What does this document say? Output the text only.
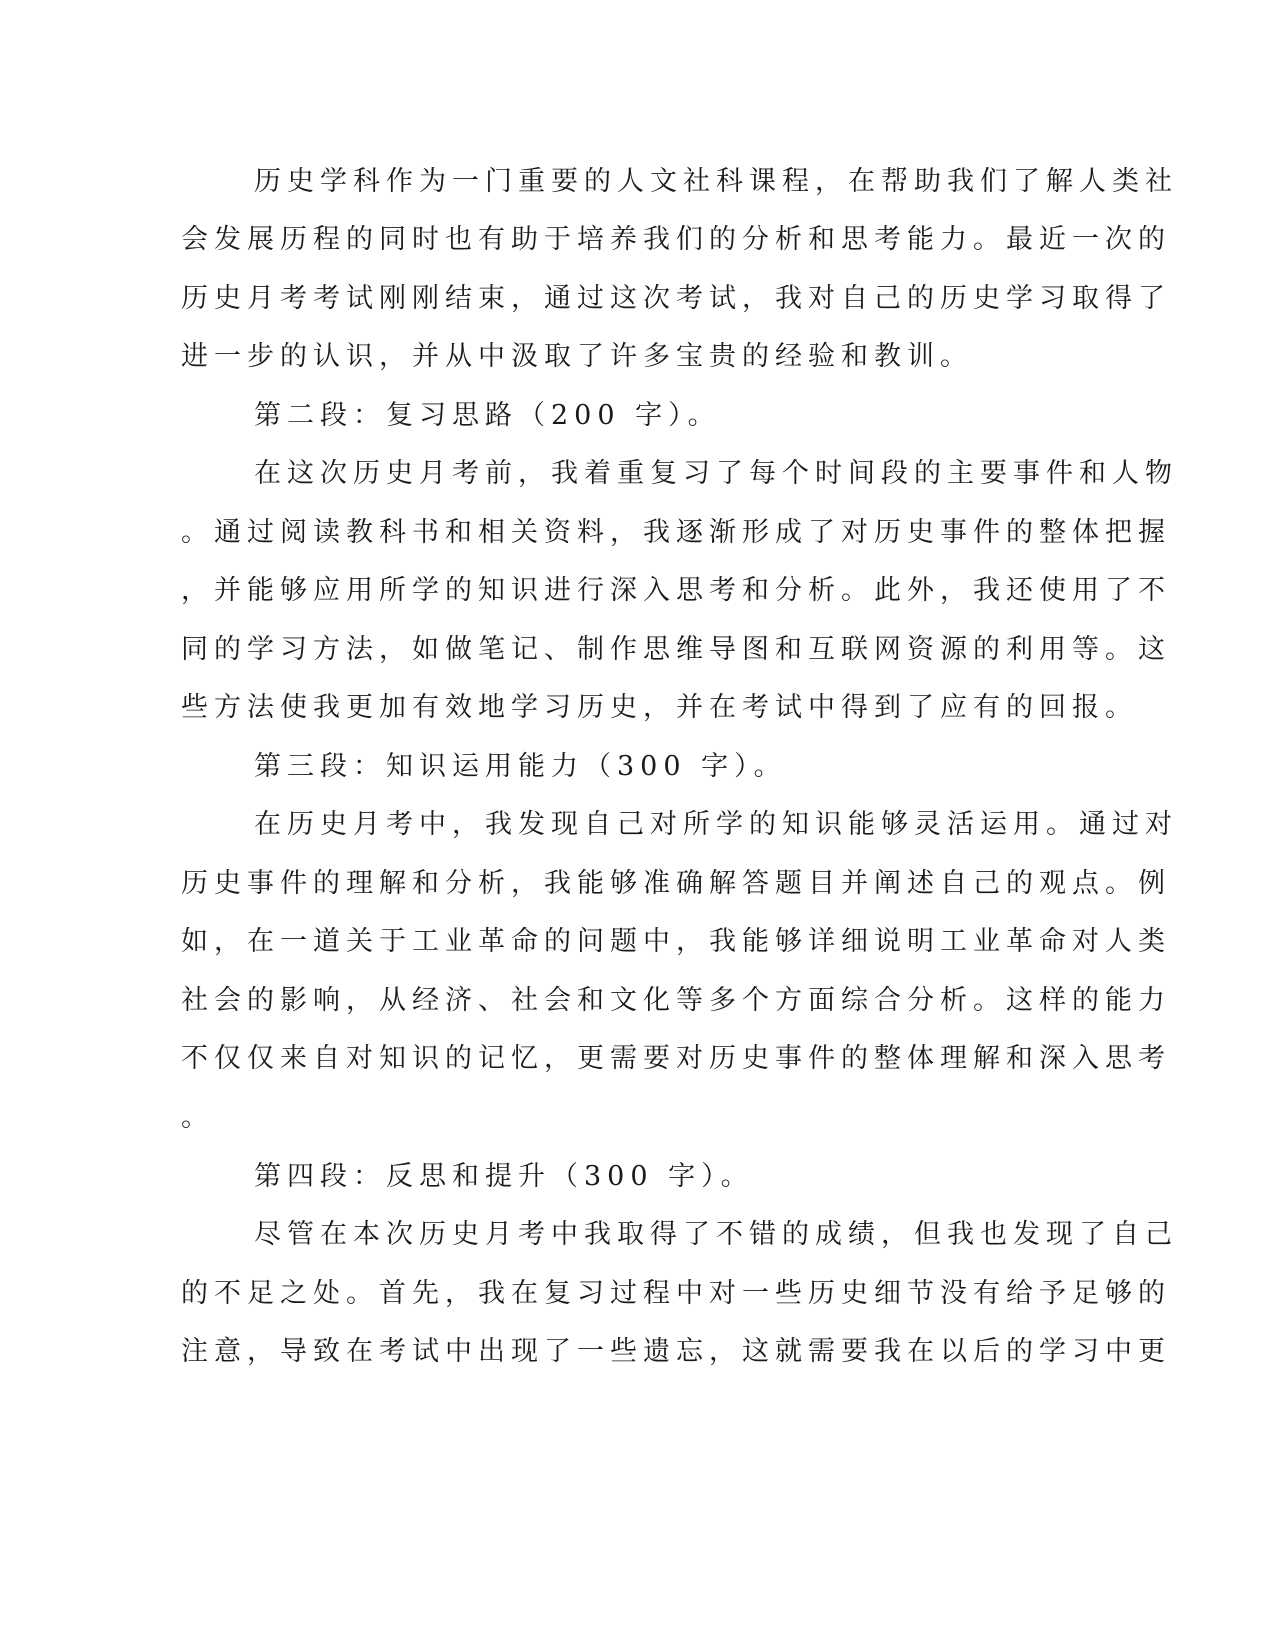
历史学科作为一门重要的人文社科课程，在帮助我们了解人类社

会发展历程的同时也有助于培养我们的分析和思考能力。最近一次的

历史月考考试刚刚结束，通过这次考试，我对自己的历史学习取得了

进一步的认识，并从中汲取了许多宝贵的经验和教训。

第二段：复习思路（200 字）。

在这次历史月考前，我着重复习了每个时间段的主要事件和人物

。通过阅读教科书和相关资料，我逐渐形成了对历史事件的整体把握

，并能够应用所学的知识进行深入思考和分析。此外，我还使用了不

同的学习方法，如做笔记、制作思维导图和互联网资源的利用等。这

些方法使我更加有效地学习历史，并在考试中得到了应有的回报。

第三段：知识运用能力（300 字）。

在历史月考中，我发现自己对所学的知识能够灵活运用。通过对

历史事件的理解和分析，我能够准确解答题目并阐述自己的观点。例

如，在一道关于工业革命的问题中，我能够详细说明工业革命对人类

社会的影响，从经济、社会和文化等多个方面综合分析。这样的能力

不仅仅来自对知识的记忆，更需要对历史事件的整体理解和深入思考

。

第四段：反思和提升（300 字）。

尽管在本次历史月考中我取得了不错的成绩，但我也发现了自己

的不足之处。首先，我在复习过程中对一些历史细节没有给予足够的

注意，导致在考试中出现了一些遗忘，这就需要我在以后的学习中更
